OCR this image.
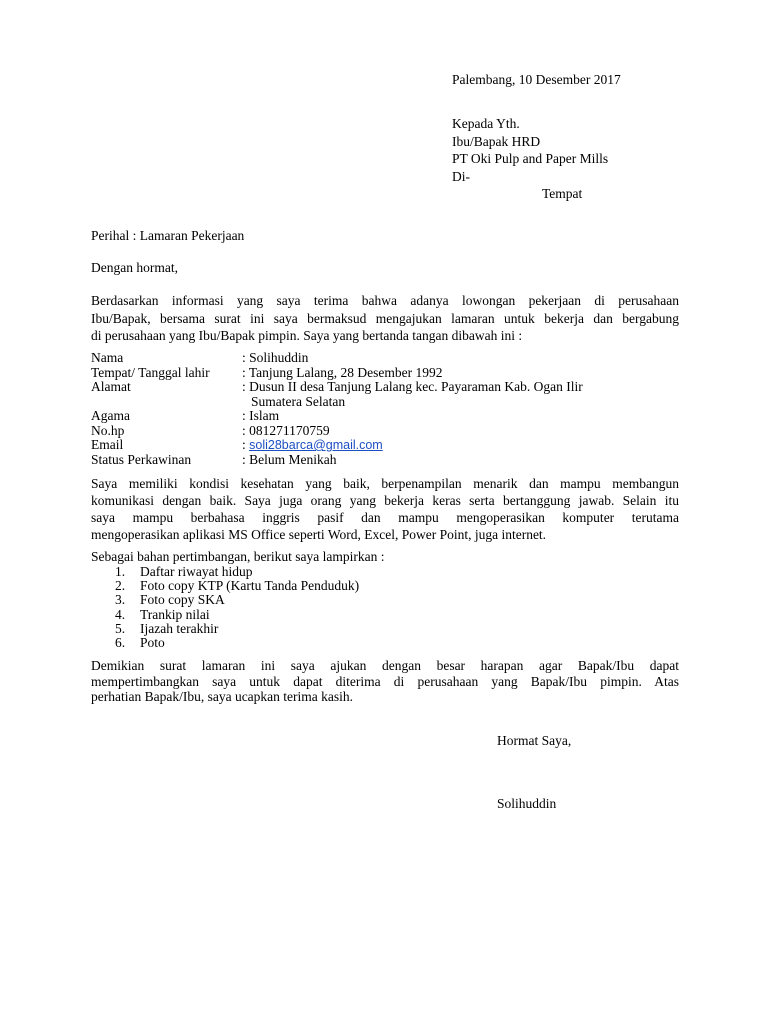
Palembang, 10 Desember 2017
Kepada Yth.
Ibu/Bapak HRD
PT Oki Pulp and Paper Mills
Di-
Tempat
Perihal : Lamaran Pekerjaan
Dengan hormat,
Berdasarkan informasi yang saya terima bahwa adanya lowongan pekerjaan di perusahaan
Ibu/Bapak, bersama surat ini saya bermaksud mengajukan lamaran untuk bekerja dan bergabung
di perusahaan yang Ibu/Bapak pimpin. Saya yang bertanda tangan dibawah ini :
Nama	: Solihuddin
Tempat/ Tanggal lahir : Tanjung Lalang, 28 Desember 1992
Alamat	: Dusun II desa Tanjung Lalang kec. Payaraman Kab. Ogan Ilir
Sumatera Selatan
Agama	: Islam
No.hp	: 081271170759
Email	: soli28barca@gmail.com
Status Perkawinan	: Belum Menikah
Saya memiliki kondisi kesehatan yang baik, berpenampilan menarik dan mampu membangun
komunikasi dengan baik. Saya juga orang yang bekerja keras serta bertanggung jawab. Selain itu
saya mampu berbahasa inggris pasif dan mampu mengoperasikan komputer terutama
mengoperasikan aplikasi MS Office seperti Word, Excel, Power Point, juga internet.
Sebagai bahan pertimbangan, berikut saya lampirkan :
1. Daftar riwayat hidup
2. Foto copy KTP (Kartu Tanda Penduduk)
3. Foto copy SKA
4. Trankip nilai
5. Ijazah terakhir
6. Poto
Demikian surat lamaran ini saya ajukan dengan besar harapan agar Bapak/Ibu dapat
mempertimbangkan saya untuk dapat diterima di perusahaan yang Bapak/Ibu pimpin. Atas
perhatian Bapak/Ibu, saya ucapkan terima kasih.
Hormat Saya,
Solihuddin
